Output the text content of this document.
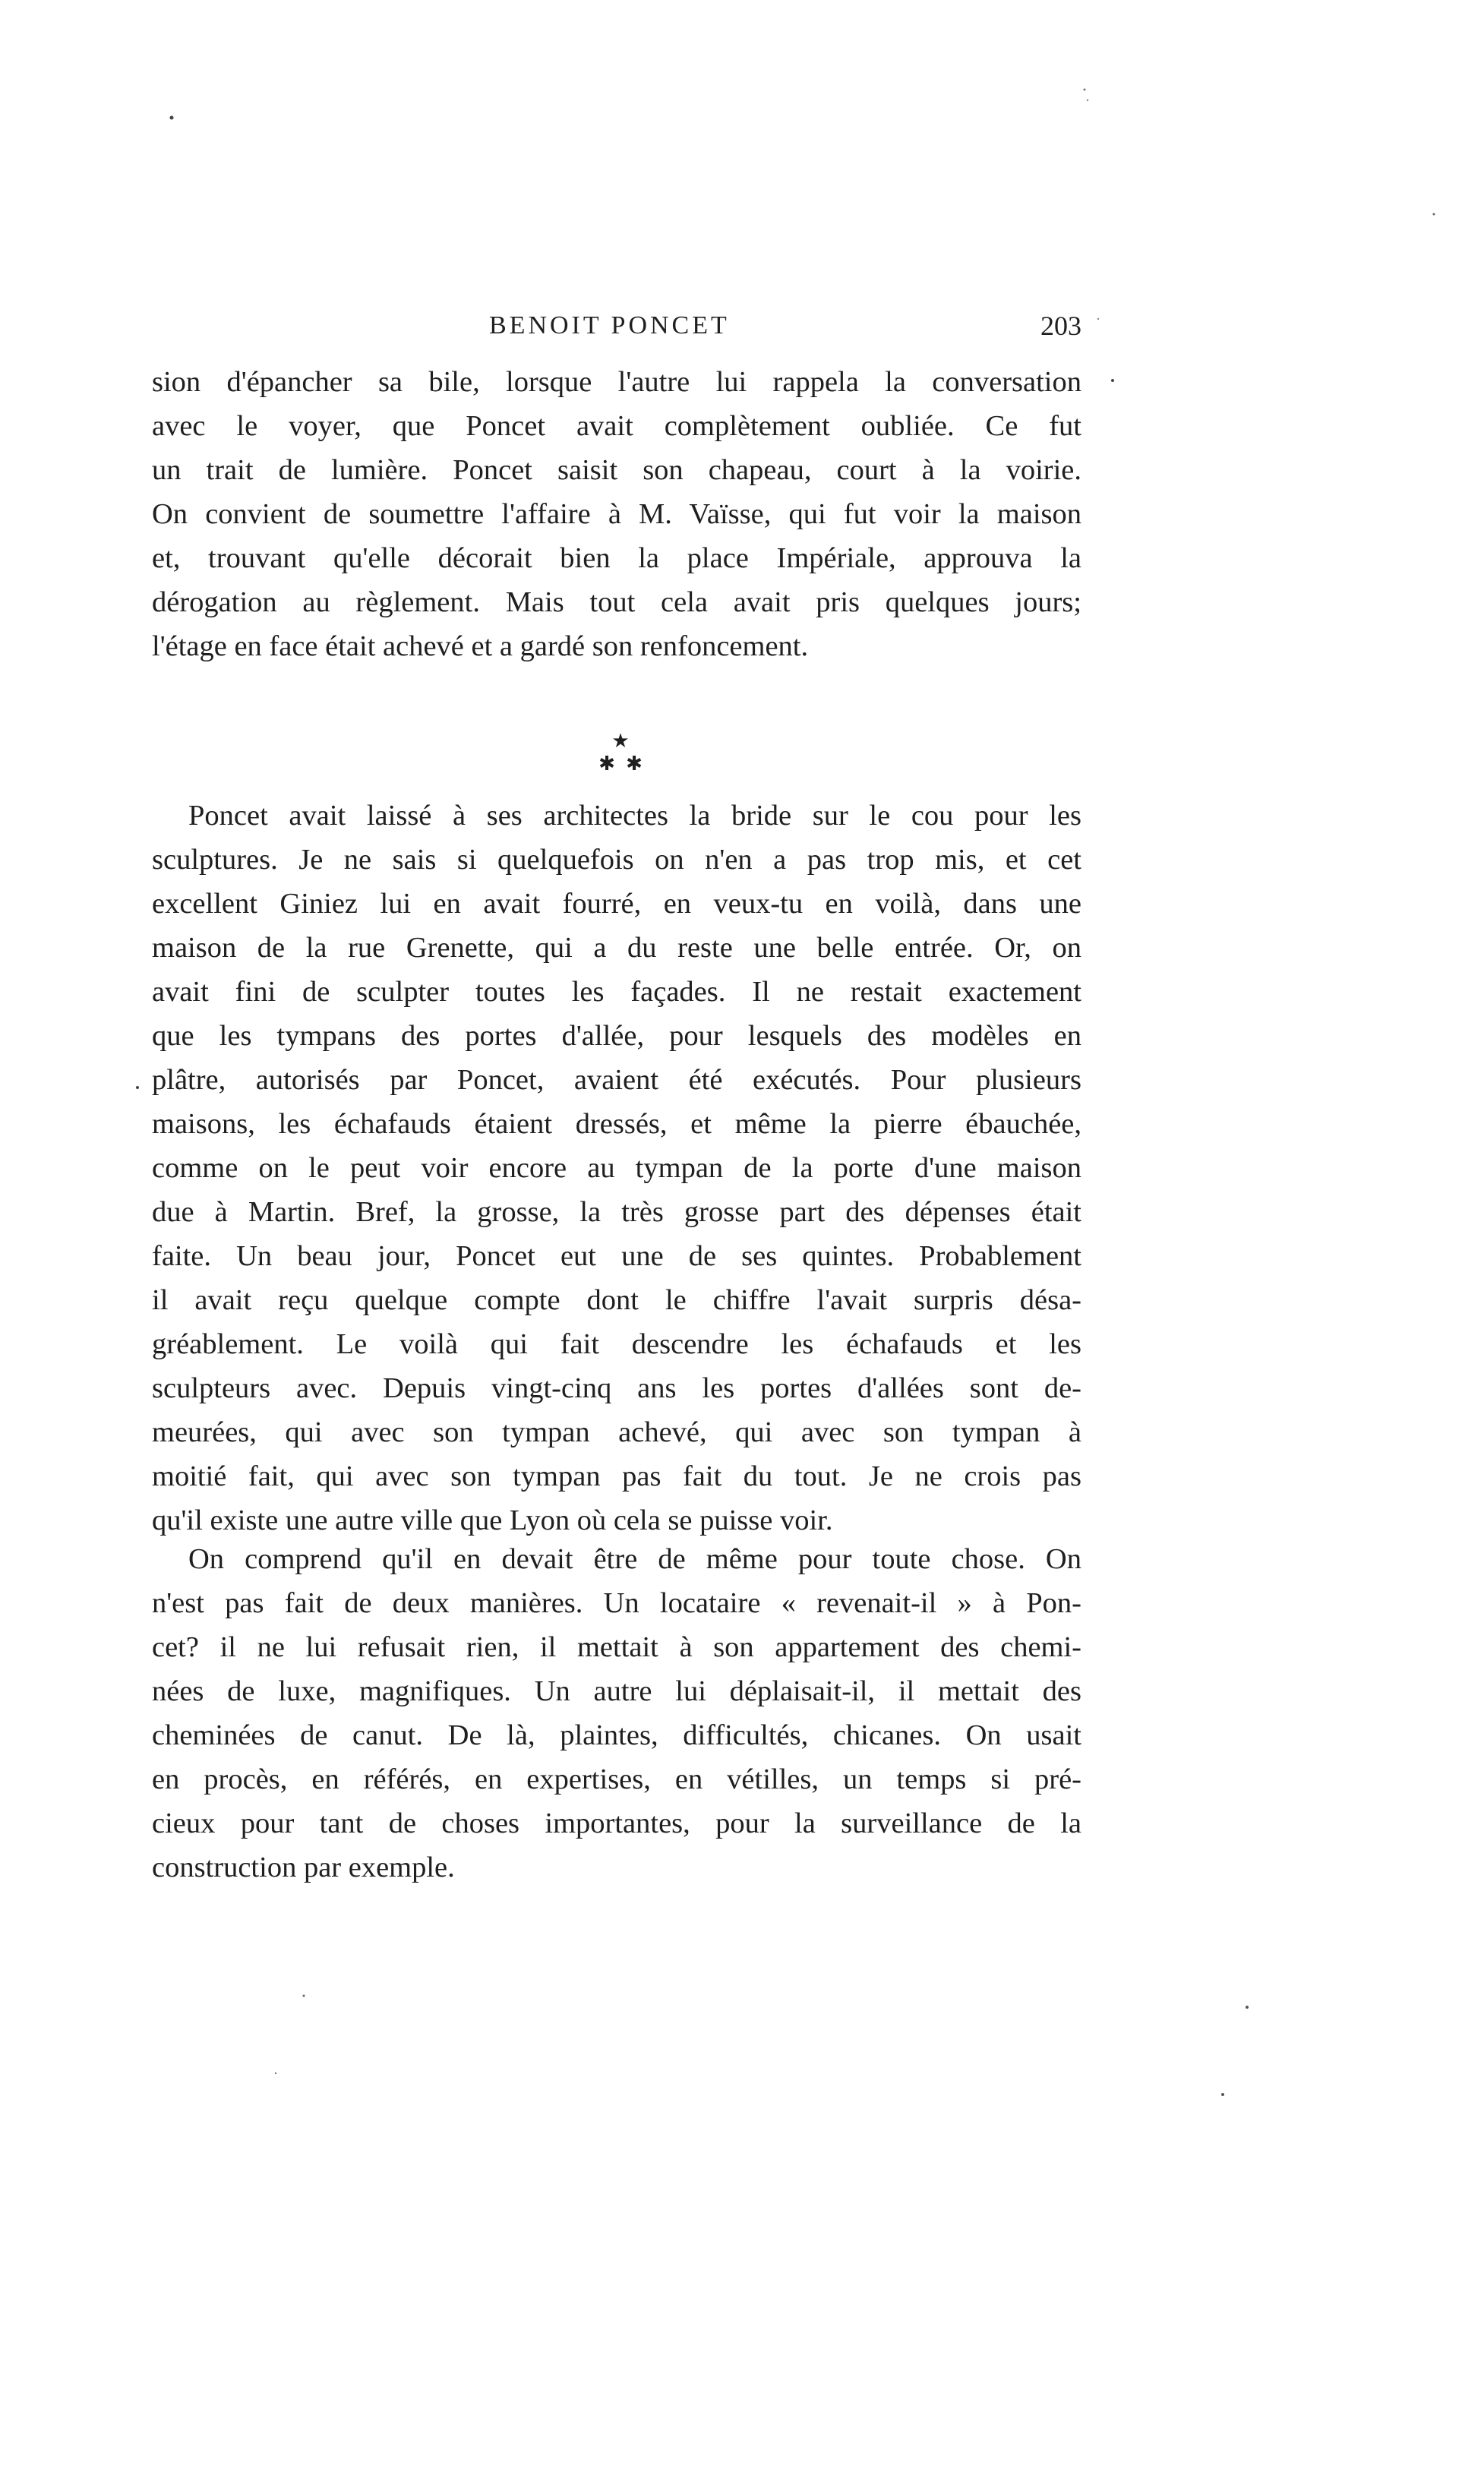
BENOIT PONCET	203
sion d'épancher sa bile, lorsque l'autre lui rappela la conversation
avec le voyer, que Poncet avait complètement oubliée. Ce fut
un trait de lumière. Poncet saisit son chapeau, court à la voirie.
On convient de soumettre l'affaire à M. Vaïsse, qui fut voir la maison
et, trouvant qu'elle décorait bien la place Impériale, approuva la
dérogation au règlement. Mais tout cela avait pris quelques jours;
l'étage en face était achevé et a gardé son renfoncement.
★
✱ ✱
Poncet avait laissé à ses architectes la bride sur le cou pour les
sculptures. Je ne sais si quelquefois on n'en a pas trop mis, et cet
excellent Giniez lui en avait fourré, en veux-tu en voilà, dans une
maison de la rue Grenette, qui a du reste une belle entrée. Or, on
avait fini de sculpter toutes les façades. Il ne restait exactement
que les tympans des portes d'allée, pour lesquels des modèles en
plâtre, autorisés par Poncet, avaient été exécutés. Pour plusieurs
maisons, les échafauds étaient dressés, et même la pierre ébauchée,
comme on le peut voir encore au tympan de la porte d'une maison
due à Martin. Bref, la grosse, la très grosse part des dépenses était
faite. Un beau jour, Poncet eut une de ses quintes. Probablement
il avait reçu quelque compte dont le chiffre l'avait surpris désa-
gréablement. Le voilà qui fait descendre les échafauds et les
sculpteurs avec. Depuis vingt-cinq ans les portes d'allées sont de-
meurées, qui avec son tympan achevé, qui avec son tympan à
moitié fait, qui avec son tympan pas fait du tout. Je ne crois pas
qu'il existe une autre ville que Lyon où cela se puisse voir.
On comprend qu'il en devait être de même pour toute chose. On
n'est pas fait de deux manières. Un locataire « revenait-il » à Pon-
cet? il ne lui refusait rien, il mettait à son appartement des chemi-
nées de luxe, magnifiques. Un autre lui déplaisait-il, il mettait des
cheminées de canut. De là, plaintes, difficultés, chicanes. On usait
en procès, en référés, en expertises, en vétilles, un temps si pré-
cieux pour tant de choses importantes, pour la surveillance de la
construction par exemple.
